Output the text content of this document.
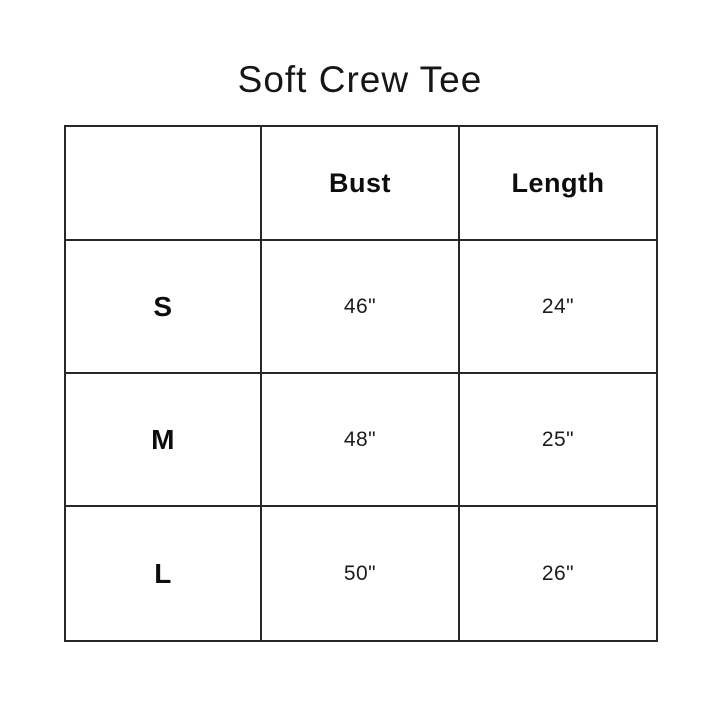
Soft Crew Tee
	Bust	Length
S	46"	24"
M	48"	25"
L	50"	26"
